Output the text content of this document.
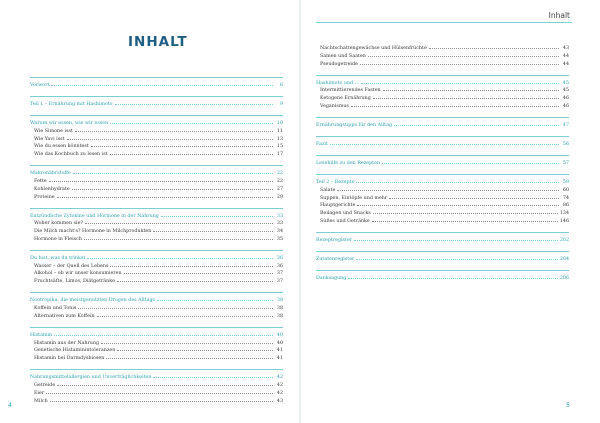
Inhalt
INHALT
Vorwort	6
Teil 1 – Ernährung mit Hashimoto	9
Warum wir essen, wie wir essen	10
Wie Simone isst	11
Wie Yavi isst	13
Wie du essen könntest	15
Wie das Kochbuch zu lesen ist	17
Makronährstoffe	22
Fette	22
Kohlenhydrate	27
Proteine	29
Entzündliche Zytokine und Hormone in der Nahrung	33
Woher kommen sie?	33
Die Milch macht's? Hormone in Milchprodukten	34
Hormone in Fleisch	35
Du bist, was du trinkst	36
Wasser – der Quell des Lebens	36
Alkohol – ob wir unser konsumieren	37
Fruchtsäfte, Limos, Diätgetränke	37
Nootropika, die meistgenutzten Drogen des Alltags	38
Koffein und Tonis	38
Alternativen zum Koffein	38
Histamin	40
Histamin aus der Nahrung	40
Genetische Histaminintoleranzen	41
Histamin bei Darmdysbiosen	41
Nahrungsmittelallergien und Unverträglichkeiten	42
Getreide	42
Eier	42
Milch	43
Nachtschattengewächse und Hülsenfrüchte	43
Samen und Saaten	44
Pseudogetreide	44
Hashimoto und …	45
Intermittierendes Fasten	45
Ketogene Ernährung	46
Veganismus	46
Ernährungstipps für den Alltag	47
Fazit	56
Lesehilfe zu den Rezepten	57
Teil 2 – Rezepte	59
Salate	60
Suppen, Eintöpfe und mehr	74
Hauptgerichte	86
Beilagen und Snacks	134
Süßes und Getränke	146
Rezeptregister	202
Zutatenregister	204
Danksagung	206
4	5
